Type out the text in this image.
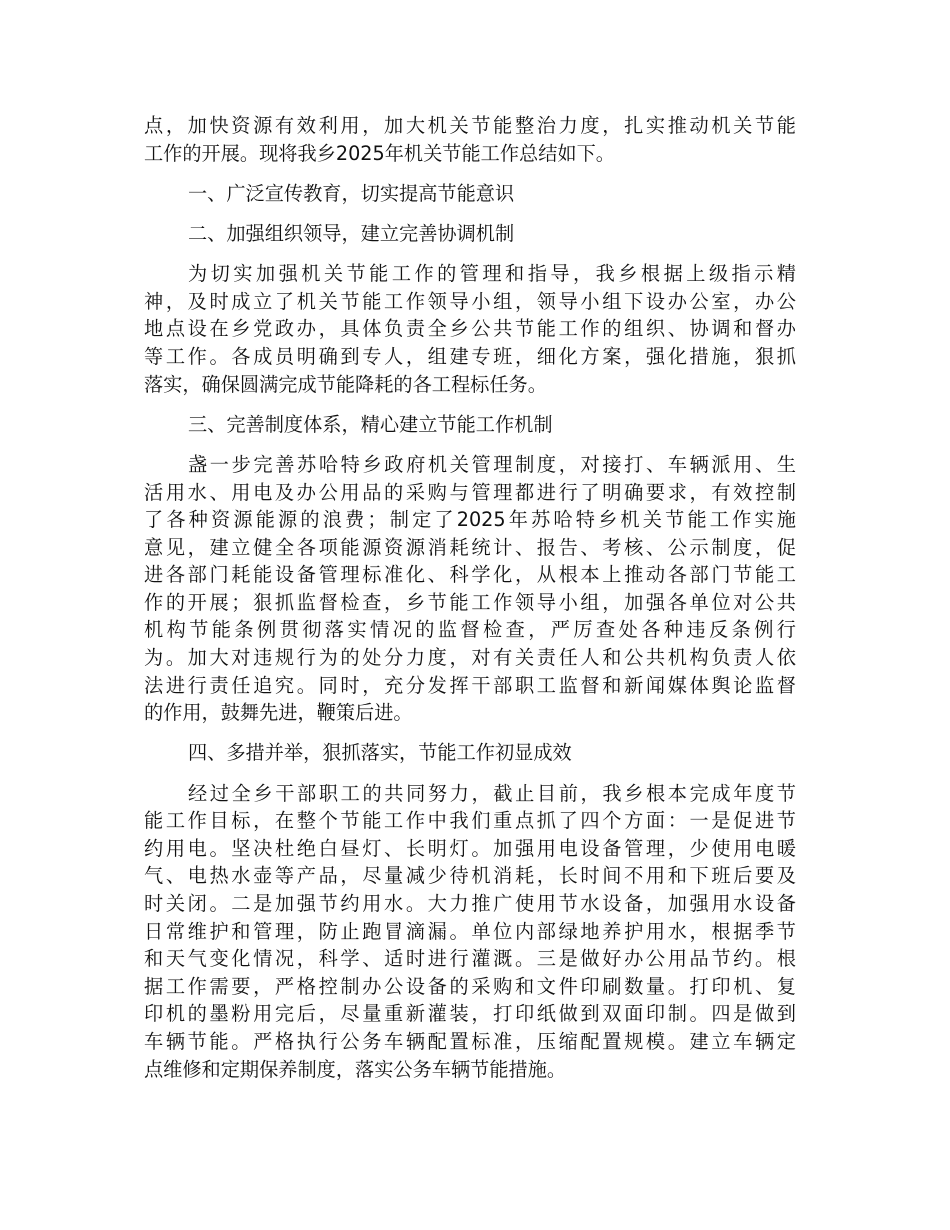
点，加快资源有效利用，加大机关节能整治力度，扎实推动机关节能
工作的开展。现将我乡2025年机关节能工作总结如下。
一、广泛宣传教育，切实提高节能意识
二、加强组织领导，建立完善协调机制
为切实加强机关节能工作的管理和指导，我乡根据上级指示精
神，及时成立了机关节能工作领导小组，领导小组下设办公室，办公
地点设在乡党政办，具体负责全乡公共节能工作的组织、协调和督办
等工作。各成员明确到专人，组建专班，细化方案，强化措施，狠抓
落实，确保圆满完成节能降耗的各工程标任务。
三、完善制度体系，精心建立节能工作机制
盏一步完善苏哈特乡政府机关管理制度，对接打、车辆派用、生
活用水、用电及办公用品的采购与管理都进行了明确要求，有效控制
了各种资源能源的浪费；制定了2025年苏哈特乡机关节能工作实施
意见，建立健全各项能源资源消耗统计、报告、考核、公示制度，促
进各部门耗能设备管理标准化、科学化，从根本上推动各部门节能工
作的开展；狠抓监督检查，乡节能工作领导小组，加强各单位对公共
机构节能条例贯彻落实情况的监督检查，严厉查处各种违反条例行
为。加大对违规行为的处分力度，对有关责任人和公共机构负责人依
法进行责任追究。同时，充分发挥干部职工监督和新闻媒体舆论监督
的作用，鼓舞先进，鞭策后进。
四、多措并举，狠抓落实，节能工作初显成效
经过全乡干部职工的共同努力，截止目前，我乡根本完成年度节
能工作目标，在整个节能工作中我们重点抓了四个方面：一是促进节
约用电。坚决杜绝白昼灯、长明灯。加强用电设备管理，少使用电暖
气、电热水壶等产品，尽量减少待机消耗，长时间不用和下班后要及
时关闭。二是加强节约用水。大力推广使用节水设备，加强用水设备
日常维护和管理，防止跑冒滴漏。单位内部绿地养护用水，根据季节
和天气变化情况，科学、适时进行灌溉。三是做好办公用品节约。根
据工作需要，严格控制办公设备的采购和文件印刷数量。打印机、复
印机的墨粉用完后，尽量重新灌装，打印纸做到双面印制。四是做到
车辆节能。严格执行公务车辆配置标准，压缩配置规模。建立车辆定
点维修和定期保养制度，落实公务车辆节能措施。
